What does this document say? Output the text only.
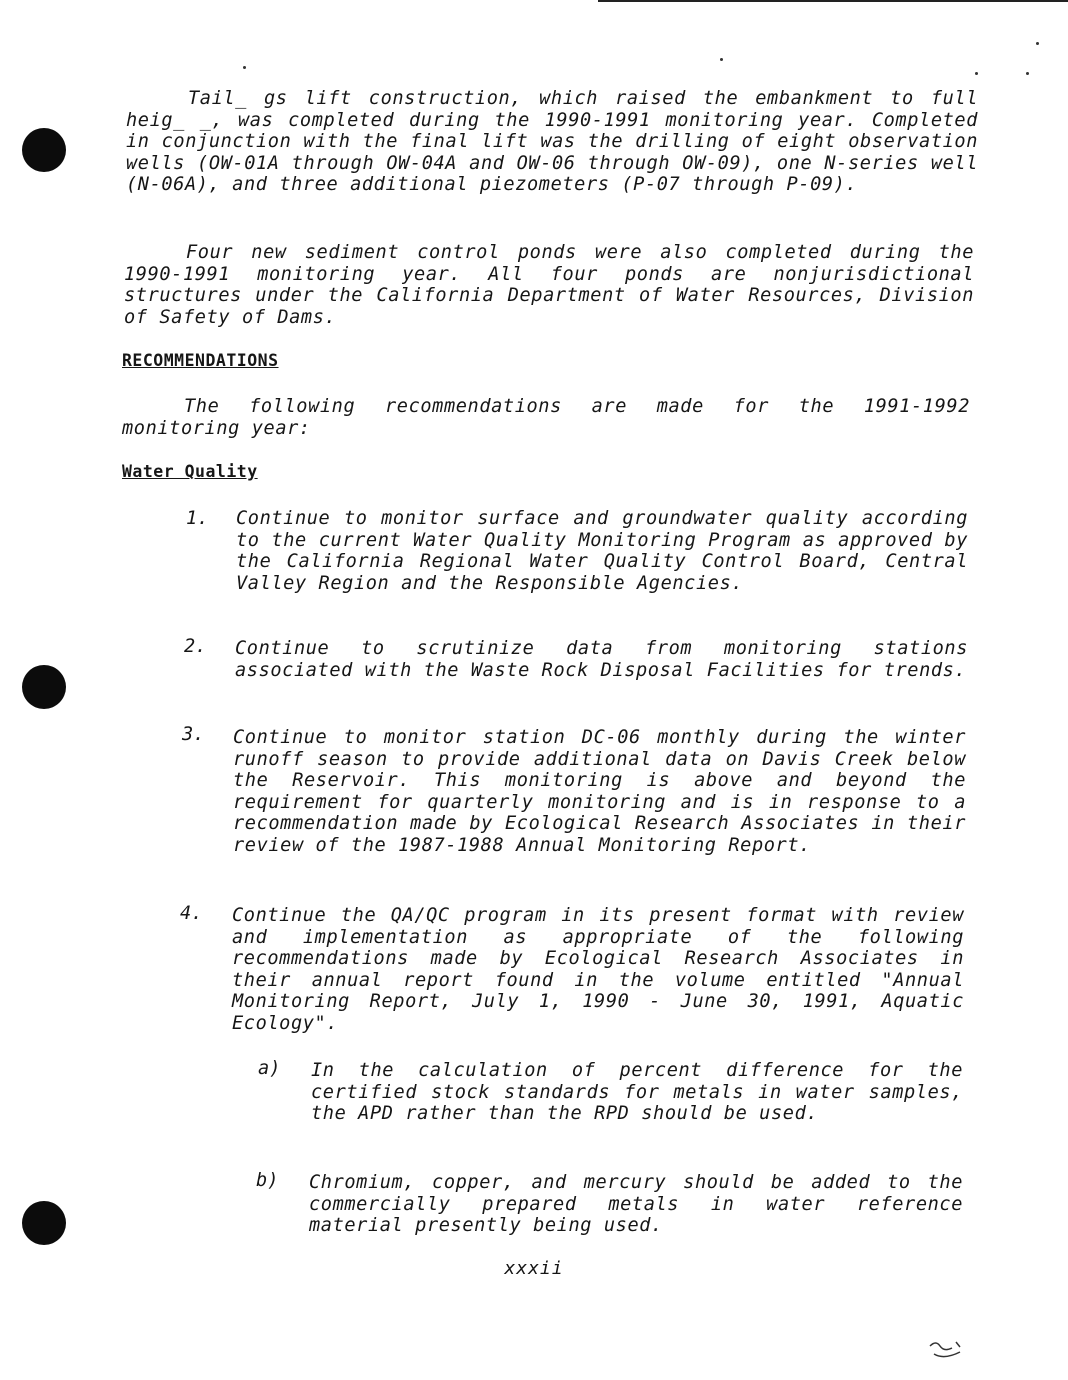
Tail_ gs lift construction, which raised the embankment to full heig_ _, was completed during the 1990-1991 monitoring year. Completed in conjunction with the final lift was the drilling of eight observation wells (OW-01A through OW-04A and OW-06 through OW-09), one N-series well (N-06A), and three additional piezometers (P-07 through P-09).

Four new sediment control ponds were also completed during the 1990-1991 monitoring year. All four ponds are nonjurisdictional structures under the California Department of Water Resources, Division of Safety of Dams.

RECOMMENDATIONS

The following recommendations are made for the 1991-1992 monitoring year:

Water Quality
1. Continue to monitor surface and groundwater quality according to the current Water Quality Monitoring Program as approved by the California Regional Water Quality Control Board, Central Valley Region and the Responsible Agencies.

2. Continue to scrutinize data from monitoring stations associated with the Waste Rock Disposal Facilities for trends.

3. Continue to monitor station DC-06 monthly during the winter runoff season to provide additional data on Davis Creek below the Reservoir. This monitoring is above and beyond the requirement for quarterly monitoring and is in response to a recommendation made by Ecological Research Associates in their review of the 1987-1988 Annual Monitoring Report.

4. Continue the QA/QC program in its present format with review and implementation as appropriate of the following recommendations made by Ecological Research Associates in their annual report found in the volume entitled "Annual Monitoring Report, July 1, 1990 - June 30, 1991, Aquatic Ecology".

a) In the calculation of percent difference for the certified stock standards for metals in water samples, the APD rather than the RPD should be used.

b) Chromium, copper, and mercury should be added to the commercially prepared metals in water reference material presently being used.

xxxii
